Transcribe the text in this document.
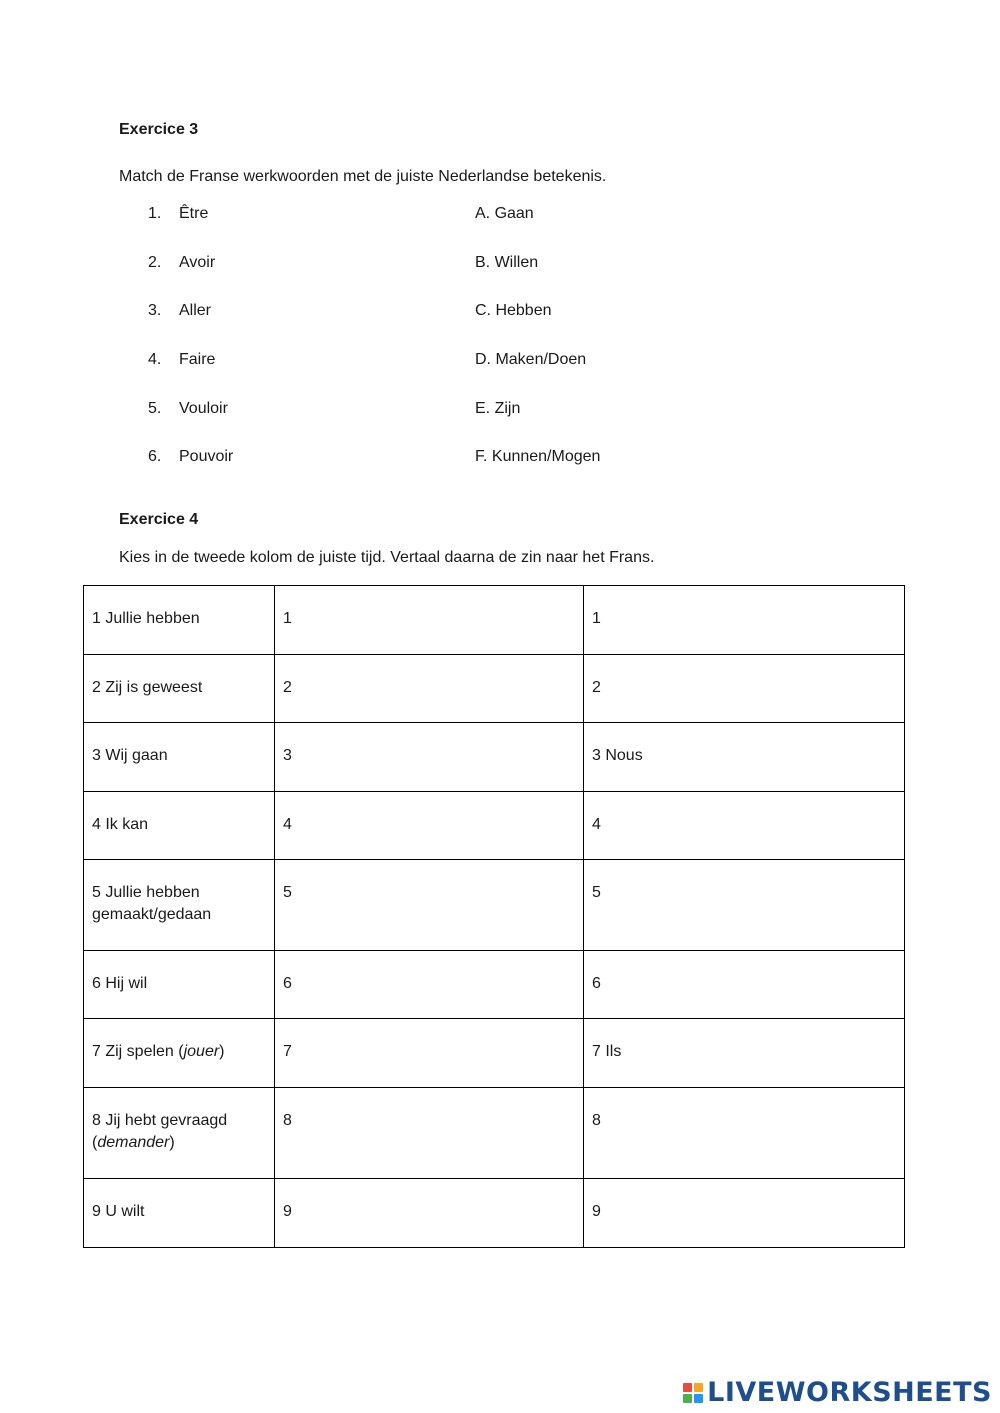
Exercice 3
Match de Franse werkwoorden met de juiste Nederlandse betekenis.
1. Être	A. Gaan
2. Avoir	B. Willen
3. Aller	C. Hebben
4. Faire	D. Maken/Doen
5. Vouloir	E. Zijn
6. Pouvoir	F. Kunnen/Mogen
Exercice 4
Kies in de tweede kolom de juiste tijd. Vertaal daarna de zin naar het Frans.
1 Jullie hebben	1	1
2 Zij is geweest	2	2
3 Wij gaan	3	3 Nous
4 Ik kan	4	4
5 Jullie hebben gemaakt/gedaan	5	5
6 Hij wil	6	6
7 Zij spelen (jouer)	7	7 Ils
8 Jij hebt gevraagd (demander)	8	8
9 U wilt	9	9
LIVEWORKSHEETS
